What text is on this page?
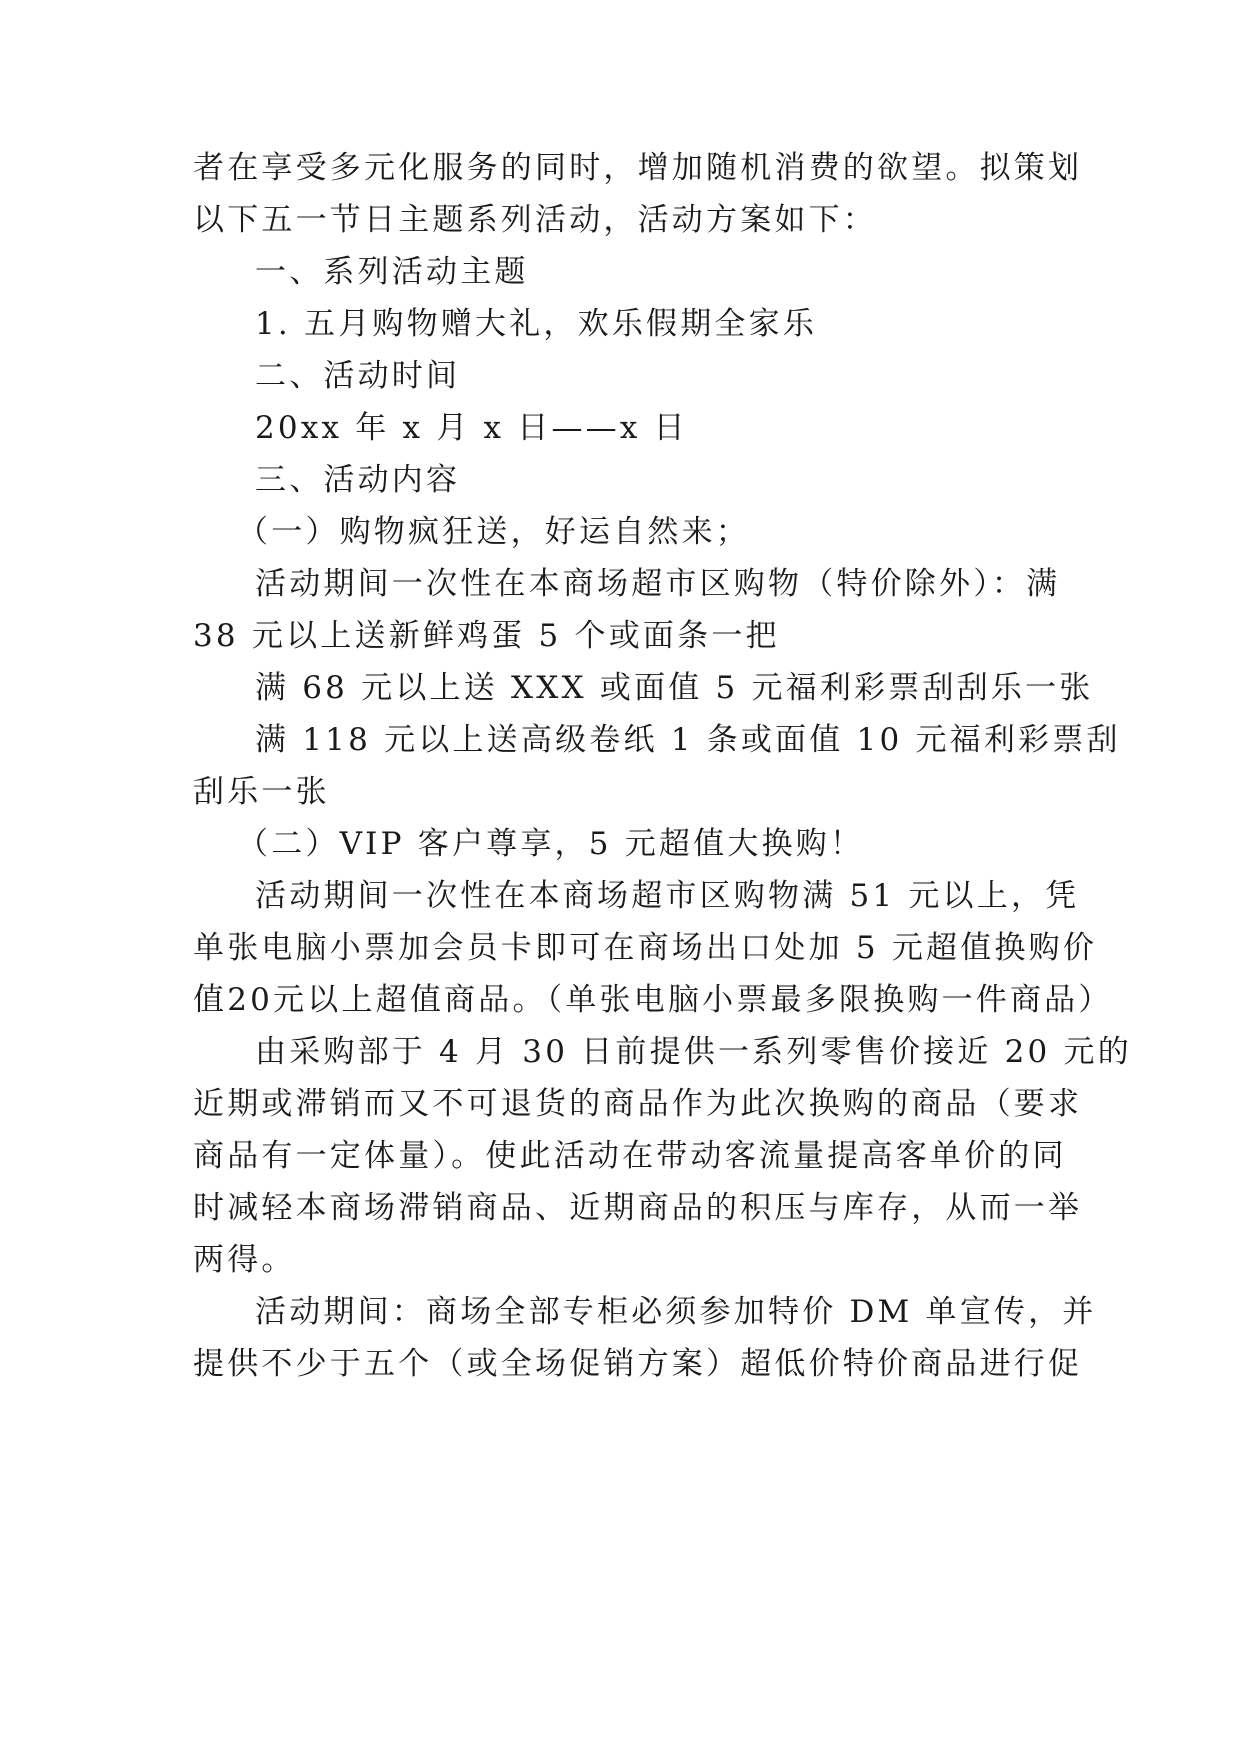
者在享受多元化服务的同时，增加随机消费的欲望。拟策划
以下五一节日主题系列活动，活动方案如下：
一、系列活动主题
1. 五月购物赠大礼，欢乐假期全家乐
二、活动时间
20xx 年 x 月 x 日——x 日
三、活动内容
（一）购物疯狂送，好运自然来；
活动期间一次性在本商场超市区购物（特价除外）：满
38 元以上送新鲜鸡蛋 5 个或面条一把
满 68 元以上送 XXX 或面值 5 元福利彩票刮刮乐一张
满 118 元以上送高级卷纸 1 条或面值 10 元福利彩票刮
刮乐一张
（二）VIP 客户尊享，5 元超值大换购！
活动期间一次性在本商场超市区购物满 51 元以上，凭
单张电脑小票加会员卡即可在商场出口处加 5 元超值换购价
值20元以上超值商品。（单张电脑小票最多限换购一件商品）
由采购部于 4 月 30 日前提供一系列零售价接近 20 元的
近期或滞销而又不可退货的商品作为此次换购的商品（要求
商品有一定体量）。使此活动在带动客流量提高客单价的同
时减轻本商场滞销商品、近期商品的积压与库存，从而一举
两得。
活动期间：商场全部专柜必须参加特价 DM 单宣传，并
提供不少于五个（或全场促销方案）超低价特价商品进行促
